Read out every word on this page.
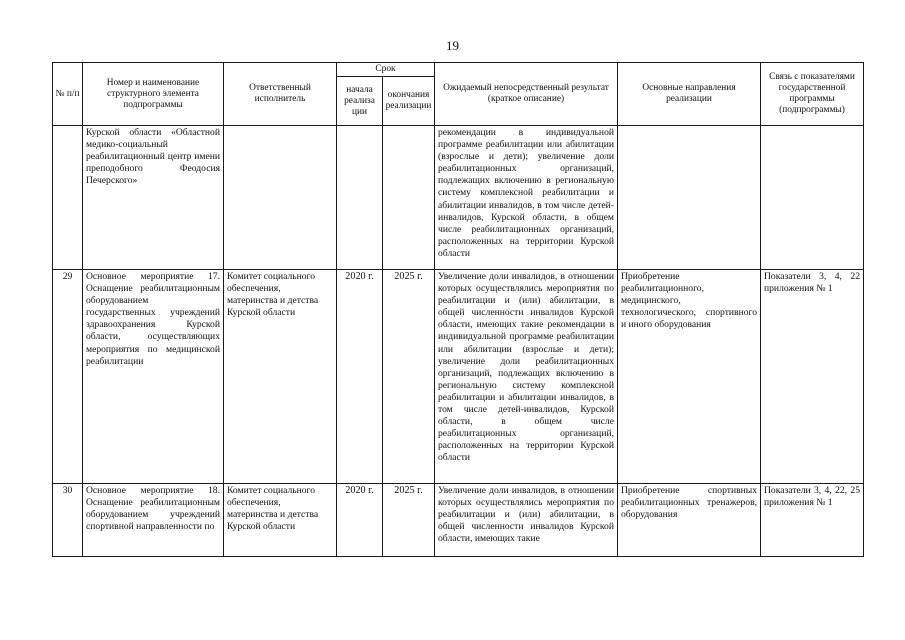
19
№ п/п	Номер и наименование структурного элемента подпрограммы	Ответственный исполнитель	Срок		Ожидаемый непосредственный результат (краткое описание)	Основные направления реализации	Связь с показателями государственной программы (подпрограммы)
			начала реализа ции	окончания реализации			
	Курской области «Областной медико-социальный реабилитационный центр имени преподобного Феодосия Печерского»				рекомендации в индивидуальной программе реабилитации или абилитации (взрослые и дети); увеличение доли реабилитационных организаций, подлежащих включению в региональную систему комплексной реабилитации и абилитации инвалидов, в том числе детей-инвалидов, Курской области, в общем числе реабилитационных организаций, расположенных на территории Курской области		
29	Основное мероприятие 17. Оснащение реабилитационным оборудованием государственных учреждений здравоохранения Курской области, осуществляющих мероприятия по медицинской реабилитации	Комитет социального обеспечения, материнства и детства Курской области	2020 г.	2025 г.	Увеличение доли инвалидов, в отношении которых осуществлялись мероприятия по реабилитации и (или) абилитации, в общей численности инвалидов Курской области, имеющих такие рекомендации в индивидуальной программе реабилитации или абилитации (взрослые и дети); увеличение доли реабилитационных организаций, подлежащих включению в региональную систему комплексной реабилитации и абилитации инвалидов, в том числе детей-инвалидов, Курской области, в общем числе реабилитационных организаций, расположенных на территории Курской области	Приобретение реабилитационного, медицинского, технологического, спортивного и иного оборудования	Показатели 3, 4, 22 приложения № 1
30	Основное мероприятие 18. Оснащение реабилитационным оборудованием учреждений спортивной направленности по	Комитет социального обеспечения, материнства и детства Курской области	2020 г.	2025 г.	Увеличение доли инвалидов, в отношении которых осуществлялись мероприятия по реабилитации и (или) абилитации, в общей численности инвалидов Курской области, имеющих такие	Приобретение спортивных реабилитационных тренажеров, оборудования	Показатели 3, 4, 22, 25 приложения № 1
